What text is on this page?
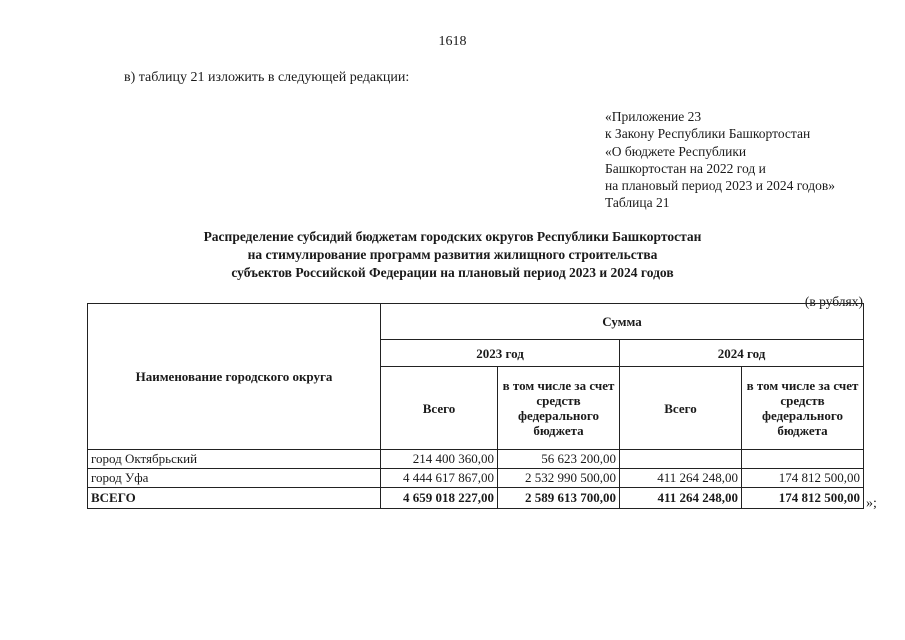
1618
в) таблицу 21 изложить в следующей редакции:
«Приложение 23
к Закону Республики Башкортостан
«О бюджете Республики
Башкортостан на 2022 год и
на плановый период 2023 и 2024 годов»
Таблица 21
Распределение субсидий бюджетам городских округов Республики Башкортостан
на стимулирование программ развития жилищного строительства
субъектов Российской Федерации на плановый период 2023 и 2024 годов
(в рублях)
Наименование городского округа	Сумма			
	2023 год		2024 год	
	Всего	в том числе за счет средств федерального бюджета	Всего	в том числе за счет средств федерального бюджета
город Октябрьский	214 400 360,00	56 623 200,00		
город Уфа	4 444 617 867,00	2 532 990 500,00	411 264 248,00	174 812 500,00
ВСЕГО	4 659 018 227,00	2 589 613 700,00	411 264 248,00	174 812 500,00 »;
